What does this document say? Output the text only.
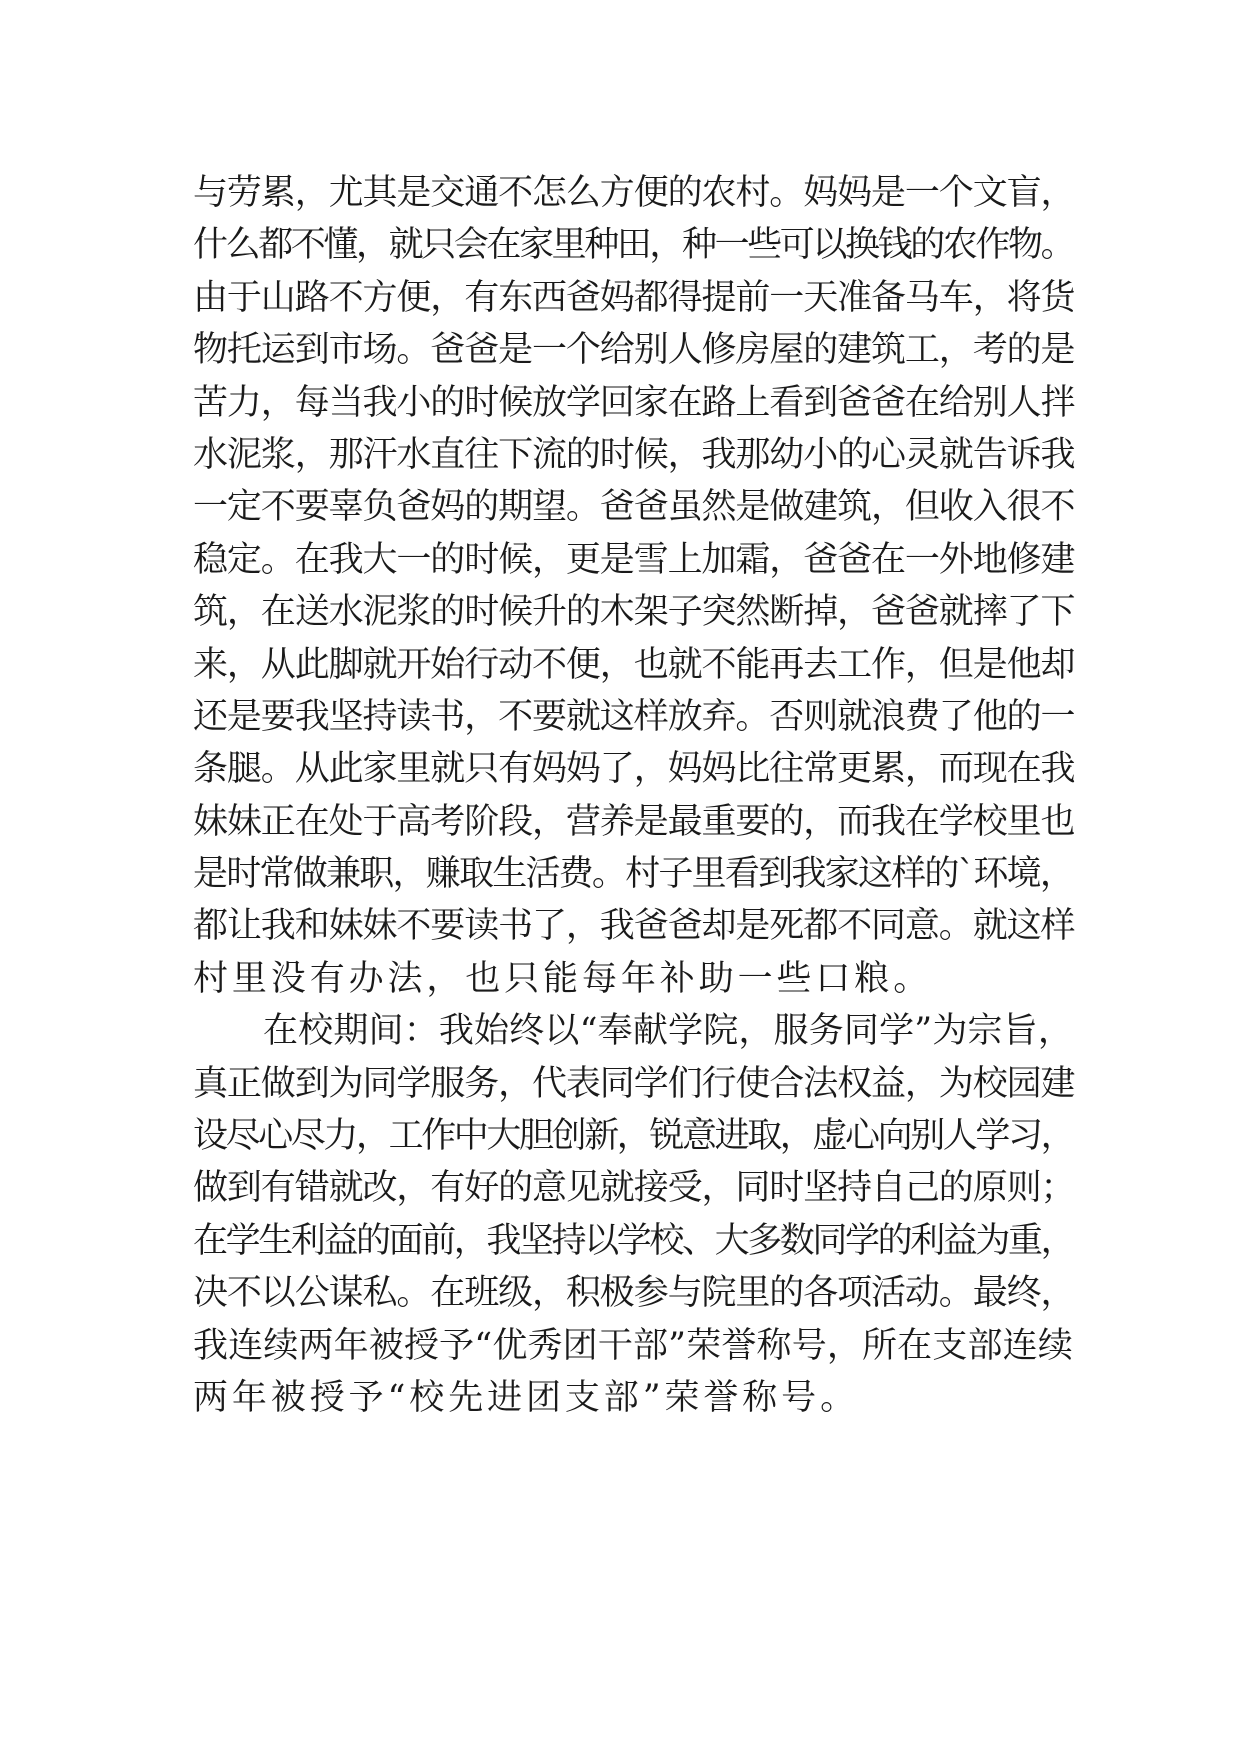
与劳累，尤其是交通不怎么方便的农村。妈妈是一个文盲，
什么都不懂，就只会在家里种田，种一些可以换钱的农作物。
由于山路不方便，有东西爸妈都得提前一天准备马车，将货
物托运到市场。爸爸是一个给别人修房屋的建筑工，考的是
苦力，每当我小的时候放学回家在路上看到爸爸在给别人拌
水泥浆，那汗水直往下流的时候，我那幼小的心灵就告诉我
一定不要辜负爸妈的期望。爸爸虽然是做建筑，但收入很不
稳定。在我大一的时候，更是雪上加霜，爸爸在一外地修建
筑，在送水泥浆的时候升的木架子突然断掉，爸爸就摔了下
来，从此脚就开始行动不便，也就不能再去工作，但是他却
还是要我坚持读书，不要就这样放弃。否则就浪费了他的一
条腿。从此家里就只有妈妈了，妈妈比往常更累，而现在我
妹妹正在处于高考阶段，营养是最重要的，而我在学校里也
是时常做兼职，赚取生活费。村子里看到我家这样的`环境，
都让我和妹妹不要读书了，我爸爸却是死都不同意。就这样
村里没有办法，也只能每年补助一些口粮。
在校期间：我始终以“奉献学院，服务同学”为宗旨，
真正做到为同学服务，代表同学们行使合法权益，为校园建
设尽心尽力，工作中大胆创新，锐意进取，虚心向别人学习，
做到有错就改，有好的意见就接受，同时坚持自己的原则；
在学生利益的面前，我坚持以学校、大多数同学的利益为重，
决不以公谋私。在班级，积极参与院里的各项活动。最终，
我连续两年被授予“优秀团干部”荣誉称号，所在支部连续
两年被授予“校先进团支部”荣誉称号。
